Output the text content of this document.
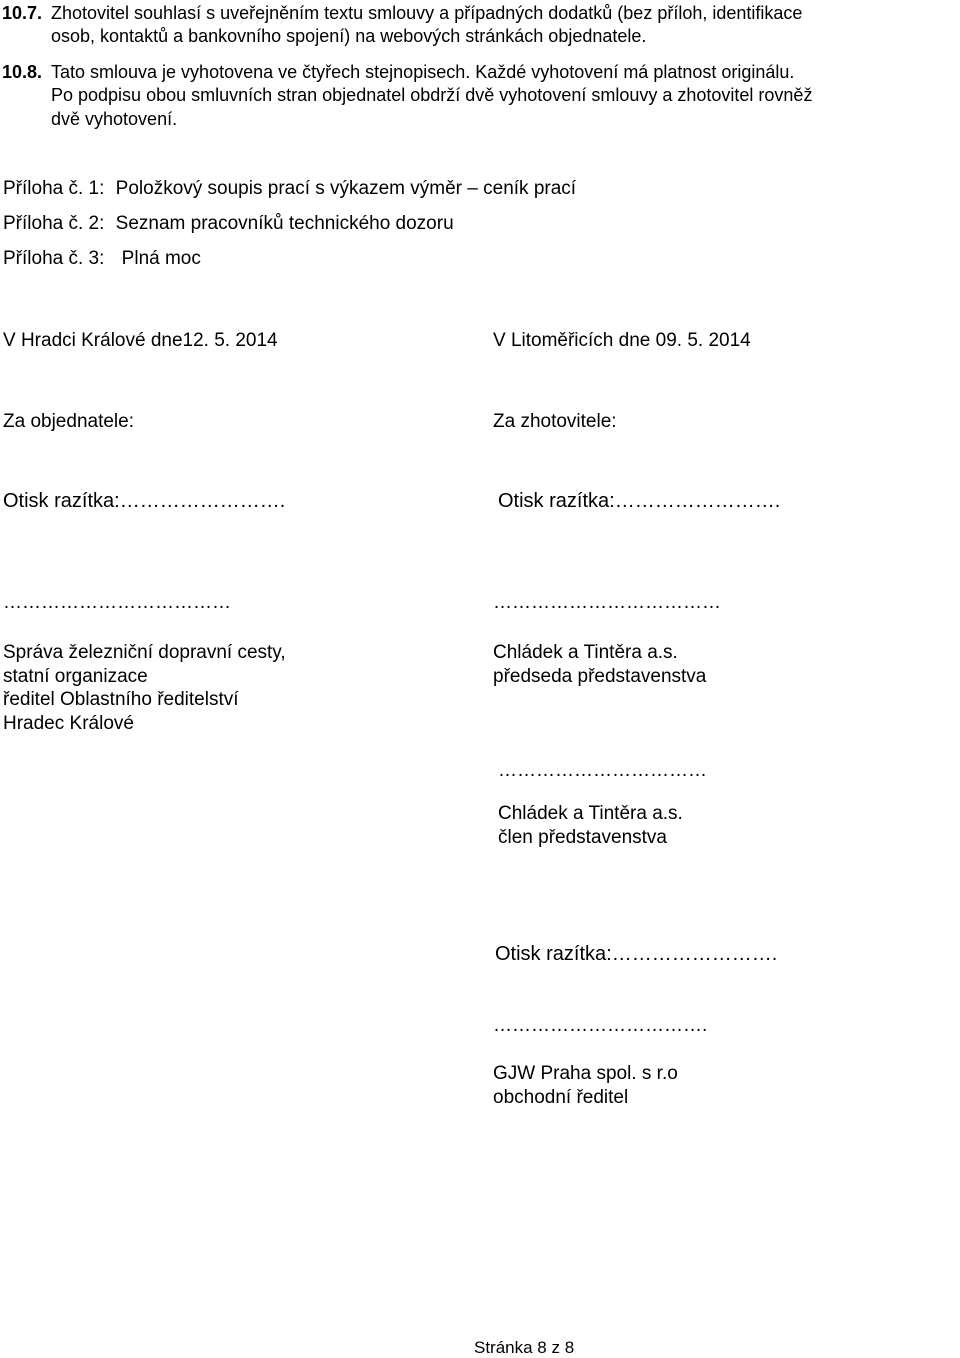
10.7. Zhotovitel souhlasí s uveřejněním textu smlouvy a případných dodatků (bez příloh, identifikace
osob, kontaktů a bankovního spojení) na webových stránkách objednatele.
10.8. Tato smlouva je vyhotovena ve čtyřech stejnopisech. Každé vyhotovení má platnost originálu.
Po podpisu obou smluvních stran objednatel obdrží dvě vyhotovení smlouvy a zhotovitel rovněž
dvě vyhotovení.
Příloha č. 1: Položkový soupis prací s výkazem výměr – ceník prací
Příloha č. 2: Seznam pracovníků technického dozoru
Příloha č. 3: Plná moc
V Hradci Králové dne12. 5. 2014	V Litoměřicích dne 09. 5. 2014
Za objednatele:	Za zhotovitele:
Otisk razítka:…………………….	Otisk razítka:…………………….
………………………………	………………………………
Správa železniční dopravní cesty,
statní organizace
ředitel Oblastního ředitelství
Hradec Králové
Chládek a Tintěra a.s.
předseda představenstva
……………………………
Chládek a Tintěra a.s.
člen představenstva
Otisk razítka:…………………….
…………………………….
GJW Praha spol. s r.o
obchodní ředitel
Stránka 8 z 8
